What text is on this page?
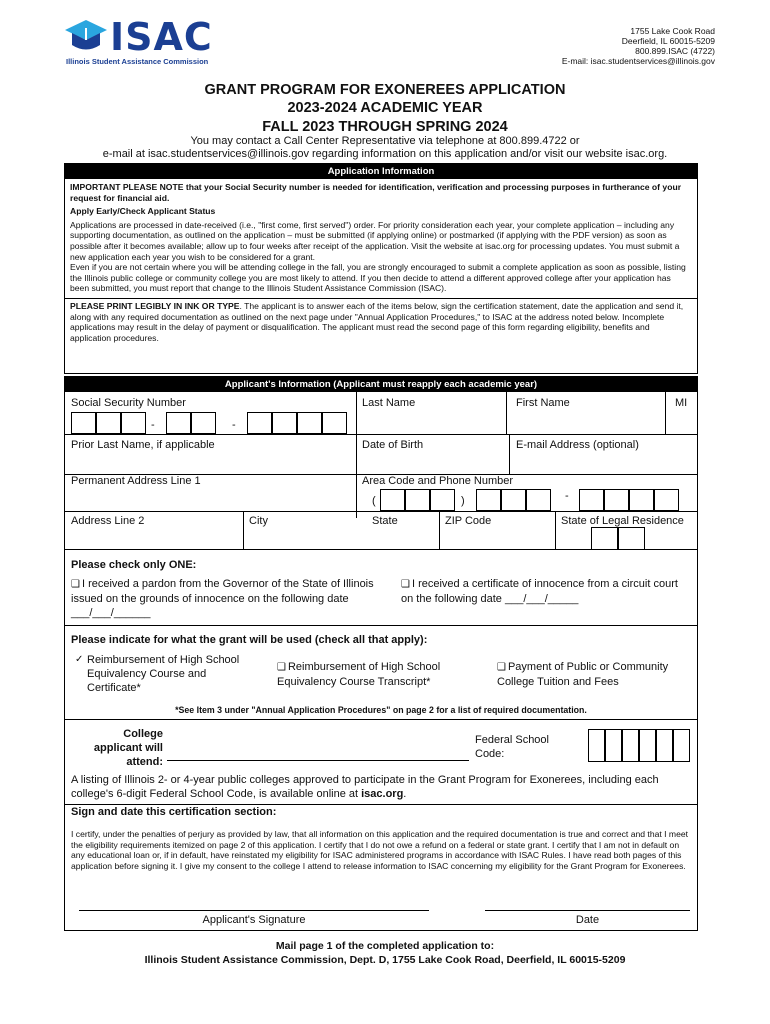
ISAC
Illinois Student Assistance Commission
1755 Lake Cook Road
Deerfield, IL 60015-5209
800.899.ISAC (4722)
E-mail: isac.studentservices@illinois.gov
GRANT PROGRAM FOR EXONEREES APPLICATION
2023-2024 ACADEMIC YEAR
FALL 2023 THROUGH SPRING 2024
You may contact a Call Center Representative via telephone at 800.899.4722 or
e-mail at isac.studentservices@illinois.gov regarding information on this application and/or visit our website isac.org.
Application Information
IMPORTANT PLEASE NOTE that your Social Security number is needed for identification, verification and processing purposes in furtherance of your request for financial aid.
Apply Early/Check Applicant Status
Applications are processed in date-received (i.e., "first come, first served") order. For priority consideration each year, your complete application – including any supporting documentation, as outlined on the application – must be submitted (if applying online) or postmarked (if applying with the PDF version) as soon as possible after it becomes available; allow up to four weeks after receipt of the application. Visit the website at isac.org for processing updates. You must submit a new application each year you wish to be considered for a grant.
Even if you are not certain where you will be attending college in the fall, you are strongly encouraged to submit a complete application as soon as possible, listing the Illinois public college or community college you are most likely to attend. If you then decide to attend a different approved college after your application has been submitted, you must report that change to the Illinois Student Assistance Commission (ISAC).
PLEASE PRINT LEGIBLY IN INK OR TYPE. The applicant is to answer each of the items below, sign the certification statement, date the application and send it, along with any required documentation as outlined on the next page under "Annual Application Procedures," to ISAC at the address noted below. Incomplete applications may result in the delay of payment or disqualification. The applicant must read the second page of this form regarding eligibility, benefits and application procedures.
Applicant's Information (Applicant must reapply each academic year)
Social Security Number	Last Name	First Name	MI
-	-
Prior Last Name, if applicable	Date of Birth	E-mail Address (optional)
Permanent Address Line 1	Area Code and Phone Number
(	)	-
Address Line 2	City	State	ZIP Code	State of Legal Residence
Please check only ONE:
❑ I received a pardon from the Governor of the State of Illinois issued on the grounds of innocence on the following date ___/___/______
❑ I received a certificate of innocence from a circuit court on the following date ___/___/_____
Please indicate for what the grant will be used (check all that apply):
✓ Reimbursement of High School Equivalency Course and Certificate*
❑ Reimbursement of High School Equivalency Course Transcript*
❑ Payment of Public or Community College Tuition and Fees
*See Item 3 under "Annual Application Procedures" on page 2 for a list of required documentation.
College applicant will attend:
Federal School Code:
A listing of Illinois 2- or 4-year public colleges approved to participate in the Grant Program for Exonerees, including each college's 6-digit Federal School Code, is available online at isac.org.
Sign and date this certification section:
I certify, under the penalties of perjury as provided by law, that all information on this application and the required documentation is true and correct and that I meet the eligibility requirements itemized on page 2 of this application. I certify that I do not owe a refund on a federal or state grant. I certify that I am not in default on any educational loan or, if in default, have reinstated my eligibility for ISAC administered programs in accordance with ISAC Rules. I have read both pages of this application before signing it. I give my consent to the college I attend to release information to ISAC concerning my eligibility for the Grant Program for Exonerees.
Applicant's Signature	Date
Mail page 1 of the completed application to:
Illinois Student Assistance Commission, Dept. D, 1755 Lake Cook Road, Deerfield, IL 60015-5209
